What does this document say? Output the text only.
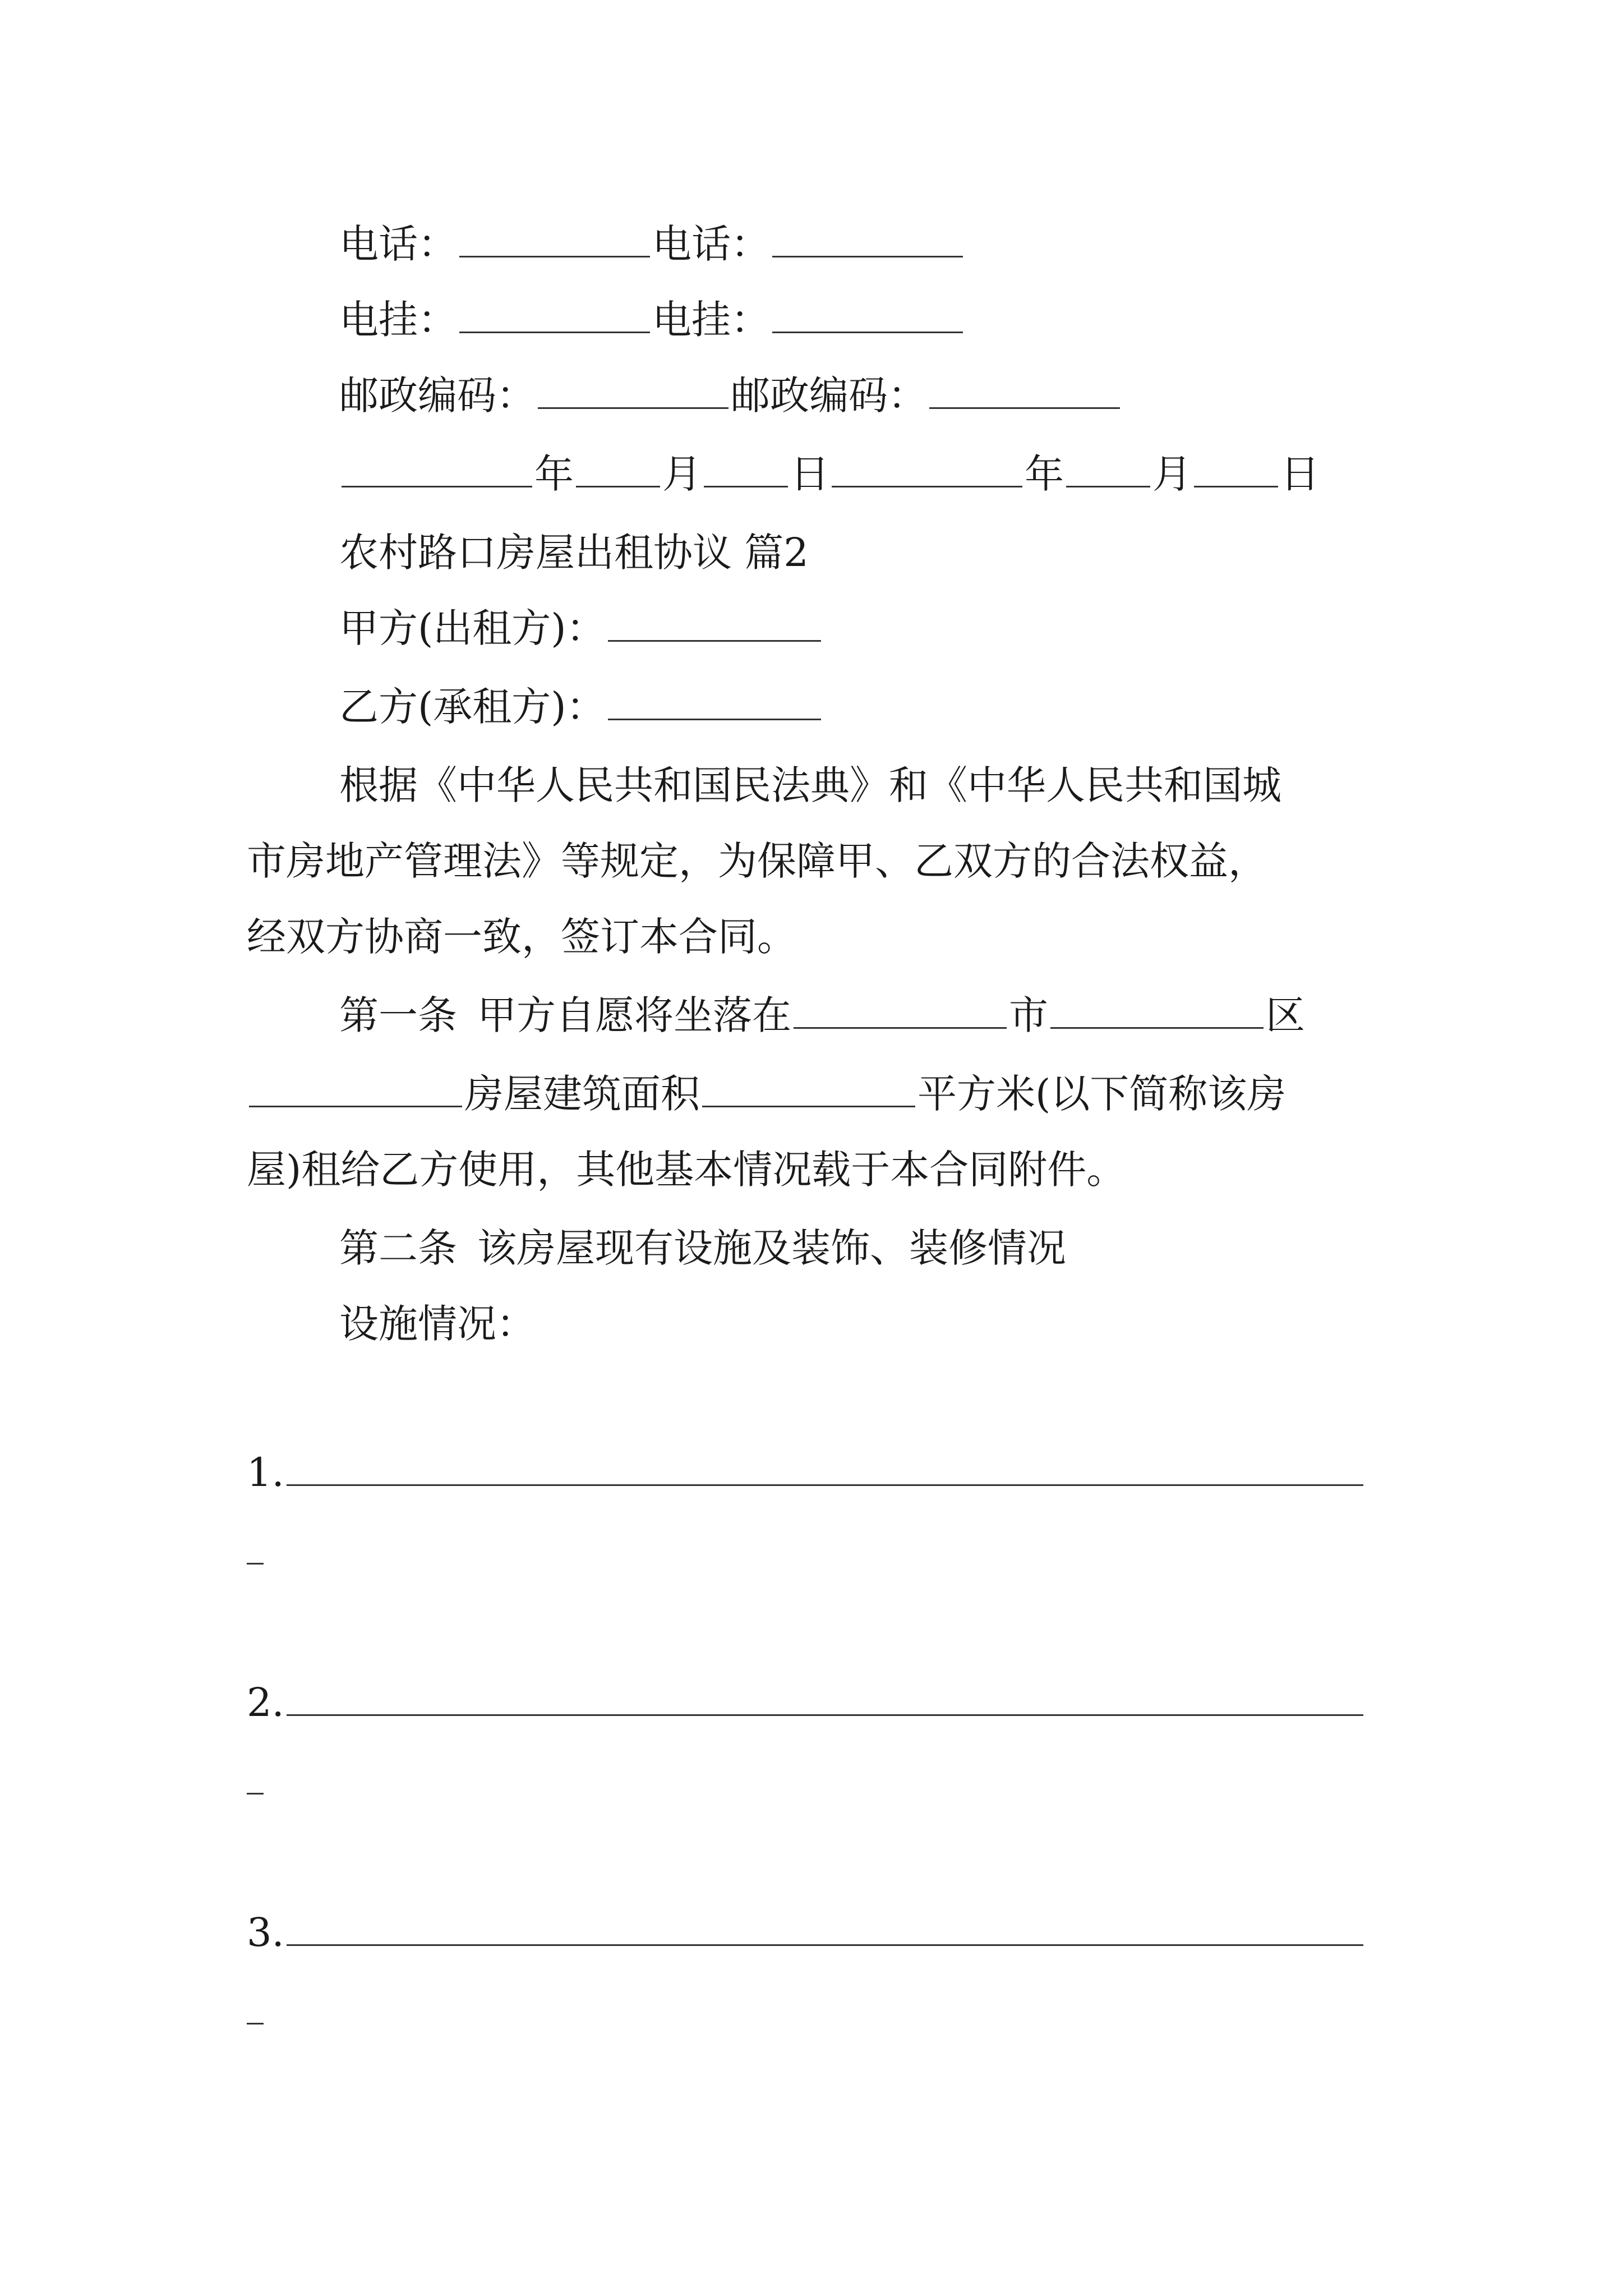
电话：	电话：
电挂：	电挂：
邮政编码：	邮政编码：
年 月 日	年 月 日
农村路口房屋出租协议 篇2
甲方(出租方)：
乙方(承租方)：
根据《中华人民共和国民法典》和《中华人民共和国城
市房地产管理法》等规定，为保障甲、乙双方的合法权益，
经双方协商一致，签订本合同。
第一条 甲方自愿将坐落在	市	区
房屋建筑面积	平方米(以下简称该房
屋)租给乙方使用，其他基本情况载于本合同附件。
第二条 该房屋现有设施及装饰、装修情况
设施情况：
1.
2.
3.
